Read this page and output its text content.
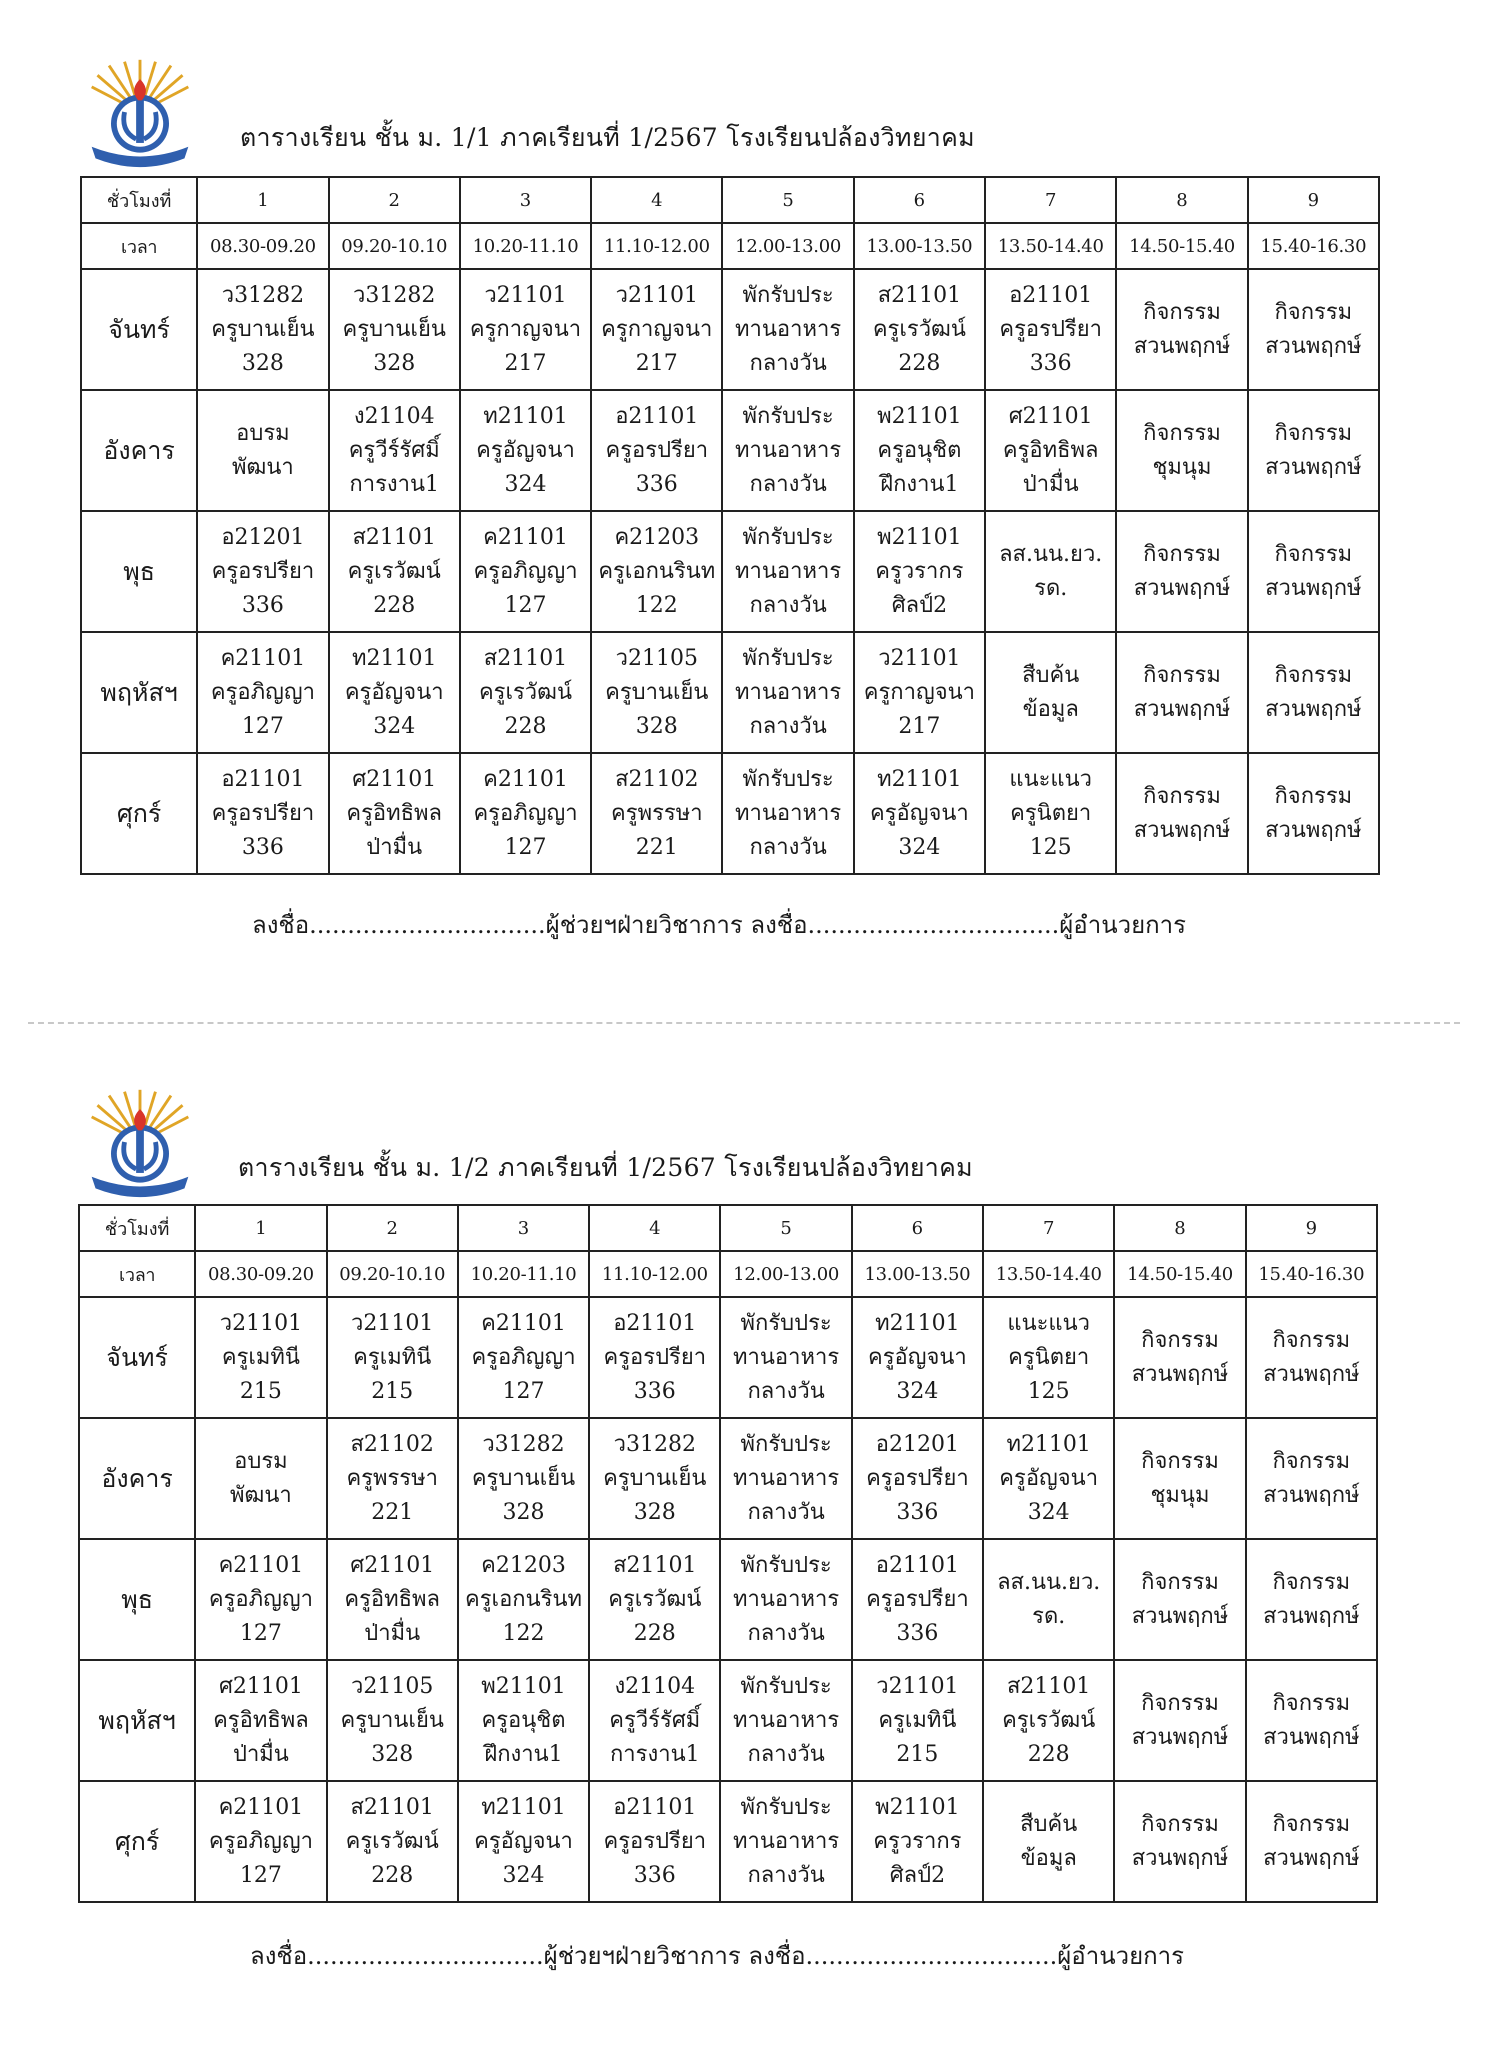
ตารางเรียน ชั้น ม. 1/1 ภาคเรียนที่ 1/2567 โรงเรียนปล้องวิทยาคม
ชั่วโมงที่	1	2	3	4	5	6	7	8	9
เวลา	08.30-09.20	09.20-10.10	10.20-11.10	11.10-12.00	12.00-13.00	13.00-13.50	13.50-14.40	14.50-15.40	15.40-16.30
จันทร์	ว31282
ครูบานเย็น
328	ว31282
ครูบานเย็น
328	ว21101
ครูกาญจนา
217	ว21101
ครูกาญจนา
217	พักรับประ
ทานอาหาร
กลางวัน	ส21101
ครูเรวัฒน์
228	อ21101
ครูอรปรียา
336	กิจกรรม
สวนพฤกษ์	กิจกรรม
สวนพฤกษ์

อังคาร	อบรม
พัฒนา	ง21104
ครูวีร์รัศมิ์
การงาน1	ท21101
ครูอัญจนา
324	อ21101
ครูอรปรียา
336	พักรับประ
ทานอาหาร
กลางวัน	พ21101
ครูอนุชิต
ฝึกงาน1	ศ21101
ครูอิทธิพล
ป่ามื่น	กิจกรรม
ชุมนุม	กิจกรรม
สวนพฤกษ์

พุธ	อ21201
ครูอรปรียา
336	ส21101
ครูเรวัฒน์
228	ค21101
ครูอภิญญา
127	ค21203
ครูเอกนรินท
122	พักรับประ
ทานอาหาร
กลางวัน	พ21101
ครูวรากร
ศิลป์2	ลส.นน.ยว.
รด.	กิจกรรม
สวนพฤกษ์	กิจกรรม
สวนพฤกษ์

พฤหัสฯ	ค21101
ครูอภิญญา
127	ท21101
ครูอัญจนา
324	ส21101
ครูเรวัฒน์
228	ว21105
ครูบานเย็น
328	พักรับประ
ทานอาหาร
กลางวัน	ว21101
ครูกาญจนา
217	สืบค้น
ข้อมูล	กิจกรรม
สวนพฤกษ์	กิจกรรม
สวนพฤกษ์

ศุกร์	อ21101
ครูอรปรียา
336	ศ21101
ครูอิทธิพล
ป่ามื่น	ค21101
ครูอภิญญา
127	ส21102
ครูพรรษา
221	พักรับประ
ทานอาหาร
กลางวัน	ท21101
ครูอัญจนา
324	แนะแนว
ครูนิตยา
125	กิจกรรม
สวนพฤกษ์	กิจกรรม
สวนพฤกษ์
ลงชื่อ...............................ผู้ช่วยฯฝ่ายวิชาการ ลงชื่อ.................................ผู้อำนวยการ
ตารางเรียน ชั้น ม. 1/2 ภาคเรียนที่ 1/2567 โรงเรียนปล้องวิทยาคม
ชั่วโมงที่	1	2	3	4	5	6	7	8	9
เวลา	08.30-09.20	09.20-10.10	10.20-11.10	11.10-12.00	12.00-13.00	13.00-13.50	13.50-14.40	14.50-15.40	15.40-16.30
จันทร์	ว21101
ครูเมทินี
215	ว21101
ครูเมทินี
215	ค21101
ครูอภิญญา
127	อ21101
ครูอรปรียา
336	พักรับประ
ทานอาหาร
กลางวัน	ท21101
ครูอัญจนา
324	แนะแนว
ครูนิตยา
125	กิจกรรม
สวนพฤกษ์	กิจกรรม
สวนพฤกษ์

อังคาร	อบรม
พัฒนา	ส21102
ครูพรรษา
221	ว31282
ครูบานเย็น
328	ว31282
ครูบานเย็น
328	พักรับประ
ทานอาหาร
กลางวัน	อ21201
ครูอรปรียา
336	ท21101
ครูอัญจนา
324	กิจกรรม
ชุมนุม	กิจกรรม
สวนพฤกษ์

พุธ	ค21101
ครูอภิญญา
127	ศ21101
ครูอิทธิพล
ป่ามื่น	ค21203
ครูเอกนรินท
122	ส21101
ครูเรวัฒน์
228	พักรับประ
ทานอาหาร
กลางวัน	อ21101
ครูอรปรียา
336	ลส.นน.ยว.
รด.	กิจกรรม
สวนพฤกษ์	กิจกรรม
สวนพฤกษ์

พฤหัสฯ	ศ21101
ครูอิทธิพล
ป่ามื่น	ว21105
ครูบานเย็น
328	พ21101
ครูอนุชิต
ฝึกงาน1	ง21104
ครูวีร์รัศมิ์
การงาน1	พักรับประ
ทานอาหาร
กลางวัน	ว21101
ครูเมทินี
215	ส21101
ครูเรวัฒน์
228	กิจกรรม
สวนพฤกษ์	กิจกรรม
สวนพฤกษ์

ศุกร์	ค21101
ครูอภิญญา
127	ส21101
ครูเรวัฒน์
228	ท21101
ครูอัญจนา
324	อ21101
ครูอรปรียา
336	พักรับประ
ทานอาหาร
กลางวัน	พ21101
ครูวรากร
ศิลป์2	สืบค้น
ข้อมูล	กิจกรรม
สวนพฤกษ์	กิจกรรม
สวนพฤกษ์
ลงชื่อ...............................ผู้ช่วยฯฝ่ายวิชาการ ลงชื่อ.................................ผู้อำนวยการ
